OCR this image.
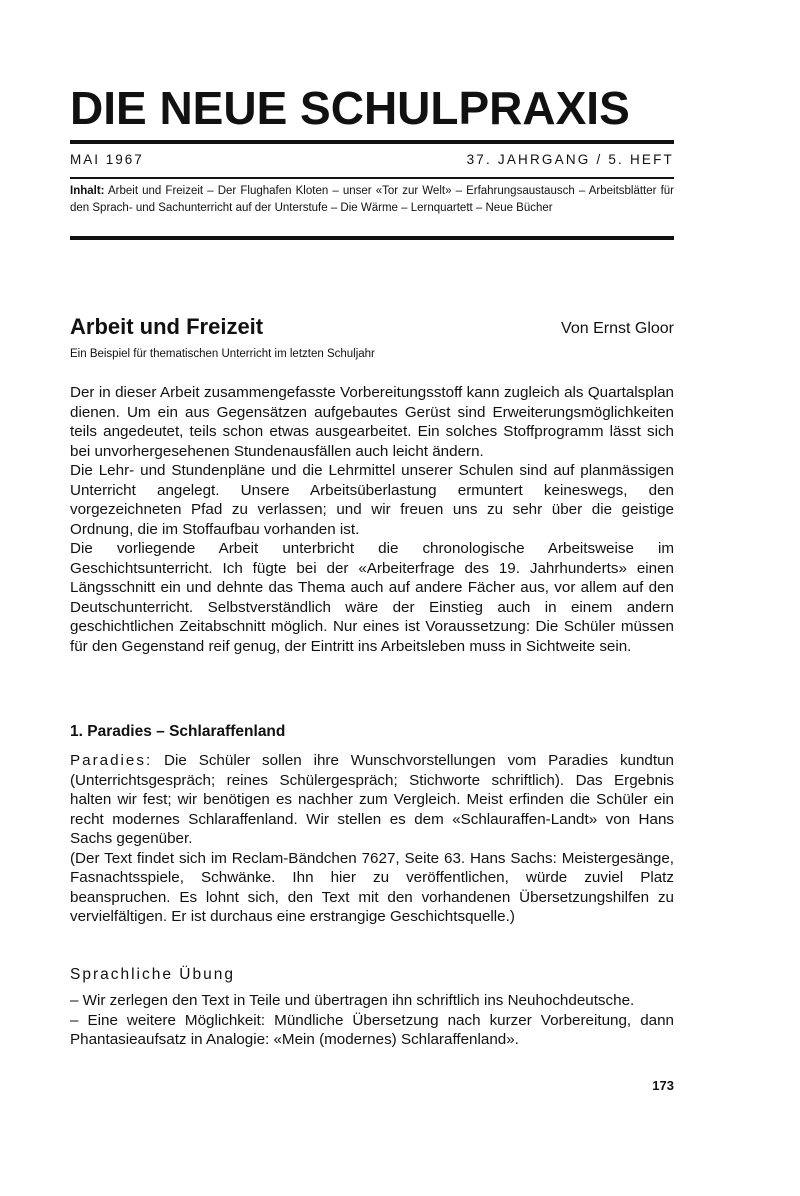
DIE NEUE SCHULPRAXIS
MAI 1967	37. JAHRGANG / 5. HEFT
Inhalt: Arbeit und Freizeit – Der Flughafen Kloten – unser «Tor zur Welt» – Erfahrungsaustausch – Arbeitsblätter für den Sprach- und Sachunterricht auf der Unterstufe – Die Wärme – Lernquartett – Neue Bücher
Arbeit und Freizeit	Von Ernst Gloor
Ein Beispiel für thematischen Unterricht im letzten Schuljahr

Der in dieser Arbeit zusammengefasste Vorbereitungsstoff kann zugleich als Quartalsplan dienen. Um ein aus Gegensätzen aufgebautes Gerüst sind Erweiterungsmöglichkeiten teils angedeutet, teils schon etwas ausgearbeitet. Ein solches Stoffprogramm lässt sich bei unvorhergesehenen Stundenausfällen auch leicht ändern.

Die Lehr- und Stundenpläne und die Lehrmittel unserer Schulen sind auf planmässigen Unterricht angelegt. Unsere Arbeitsüberlastung ermuntert keineswegs, den vorgezeichneten Pfad zu verlassen; und wir freuen uns zu sehr über die geistige Ordnung, die im Stoffaufbau vorhanden ist.

Die vorliegende Arbeit unterbricht die chronologische Arbeitsweise im Geschichtsunterricht. Ich fügte bei der «Arbeiterfrage des 19. Jahrhunderts» einen Längsschnitt ein und dehnte das Thema auch auf andere Fächer aus, vor allem auf den Deutschunterricht. Selbstverständlich wäre der Einstieg auch in einem andern geschichtlichen Zeitabschnitt möglich. Nur eines ist Voraussetzung: Die Schüler müssen für den Gegenstand reif genug, der Eintritt ins Arbeitsleben muss in Sichtweite sein.

1. Paradies – Schlaraffenland

Paradies: Die Schüler sollen ihre Wunschvorstellungen vom Paradies kundtun (Unterrichtsgespräch; reines Schülergespräch; Stichworte schriftlich). Das Ergebnis halten wir fest; wir benötigen es nachher zum Vergleich. Meist erfinden die Schüler ein recht modernes Schlaraffenland. Wir stellen es dem «Schlauraffen-Landt» von Hans Sachs gegenüber.

(Der Text findet sich im Reclam-Bändchen 7627, Seite 63. Hans Sachs: Meistergesänge, Fasnachtsspiele, Schwänke. Ihn hier zu veröffentlichen, würde zuviel Platz beanspruchen. Es lohnt sich, den Text mit den vorhandenen Übersetzungshilfen zu vervielfältigen. Er ist durchaus eine erstrangige Geschichtsquelle.)

Sprachliche Übung

– Wir zerlegen den Text in Teile und übertragen ihn schriftlich ins Neuhochdeutsche.

– Eine weitere Möglichkeit: Mündliche Übersetzung nach kurzer Vorbereitung, dann Phantasieaufsatz in Analogie: «Mein (modernes) Schlaraffenland».

173
